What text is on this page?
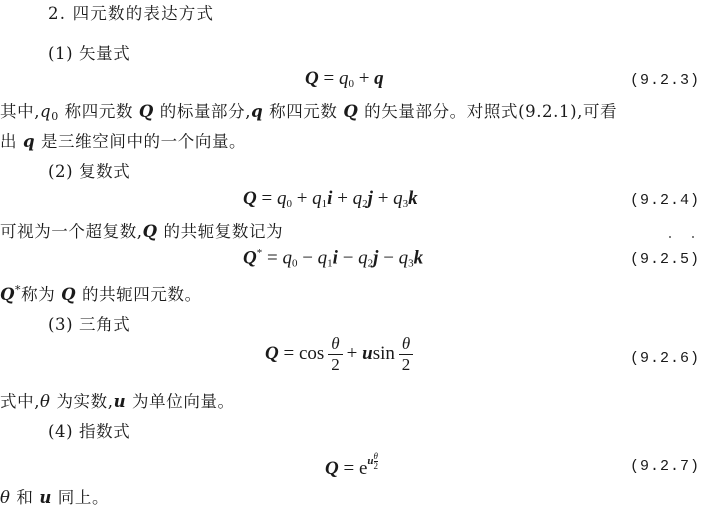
2. 四元数的表达方式
(1) 矢量式
$Q = q_0 + q$	(9.2.3)
其中$,q_0$ 称四元数 Q 的标量部分,q 称四元数 Q 的矢量部分。对照式(9.2.1),可看
出 q 是三维空间中的一个向量。
(2) 复数式
$Q = q_0 + q_1i + q_2j + q_3k$	(9.2.4)
可视为一个超复数,Q 的共轭复数记为
$Q^* = q_0 - q_1i - q_2j - q_3k$	(9.2.5)
Q*称为 Q 的共轭四元数。
(3) 三角式
$Q = \cos \frac{\theta}{2} + usin \frac{\theta}{2}$	(9.2.6)
式中,θ 为实数,u 为单位向量。
(4) 指数式
$Q = e^{u \frac{\theta}{2}}$	(9.2.7)
θ 和 u 同上。
